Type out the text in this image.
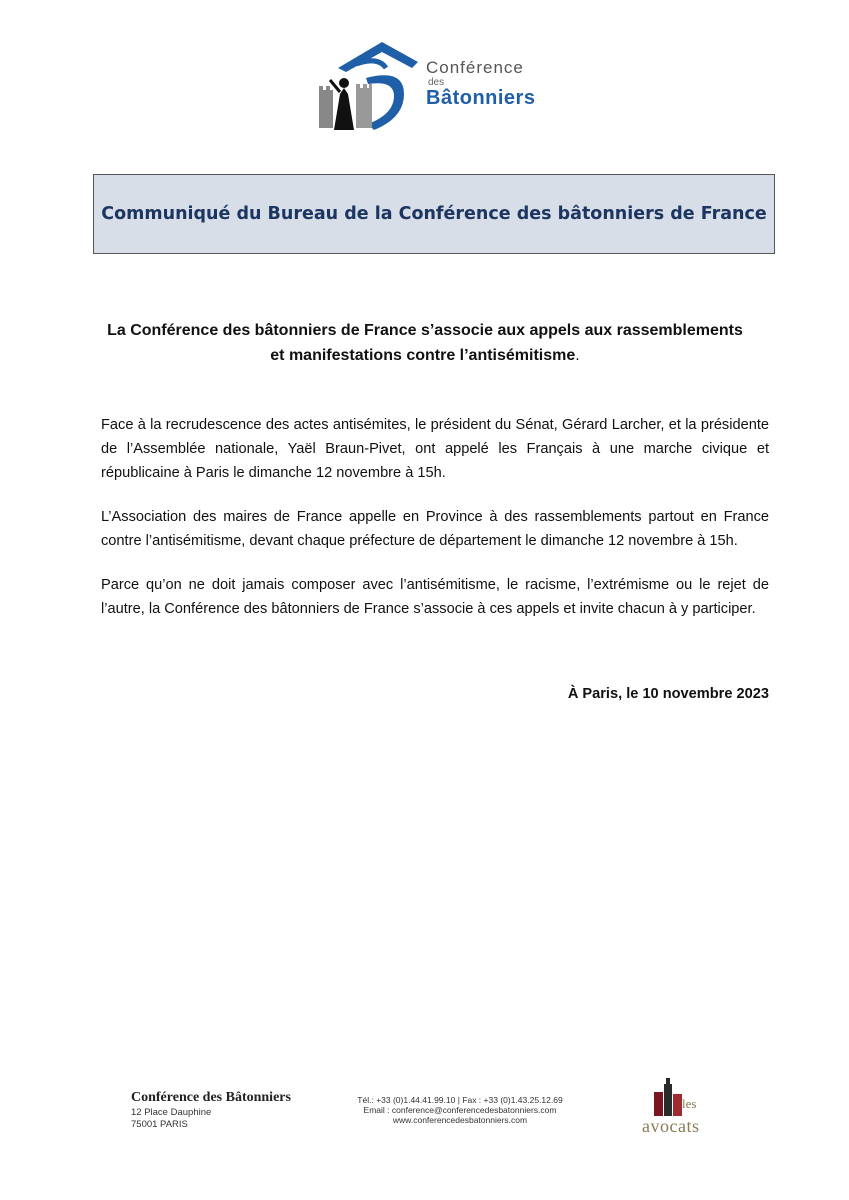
Conférence
des
Bâtonniers
Communiqué du Bureau de la Conférence des bâtonniers de France
La Conférence des bâtonniers de France s’associe aux appels aux rassemblements
et manifestations contre l’antisémitisme.
Face à la recrudescence des actes antisémites, le président du Sénat, Gérard Larcher, et la présidente de l’Assemblée nationale, Yaël Braun-Pivet, ont appelé les Français à une marche civique et républicaine à Paris le dimanche 12 novembre à 15h.
L’Association des maires de France appelle en Province à des rassemblements partout en France contre l’antisémitisme, devant chaque préfecture de département le dimanche 12 novembre à 15h.
Parce qu’on ne doit jamais composer avec l’antisémitisme, le racisme, l’extrémisme ou le rejet de l’autre, la Conférence des bâtonniers de France s’associe à ces appels et invite chacun à y participer.
À Paris, le 10 novembre 2023
Conférence des Bâtonniers
12 Place Dauphine
75001 PARIS
Tél.: +33 (0)1.44.41.99.10 | Fax : +33 (0)1.43.25.12.69
Email : conference@conferencedesbatonniers.com
www.conferencedesbatonniers.com
les
avocats
